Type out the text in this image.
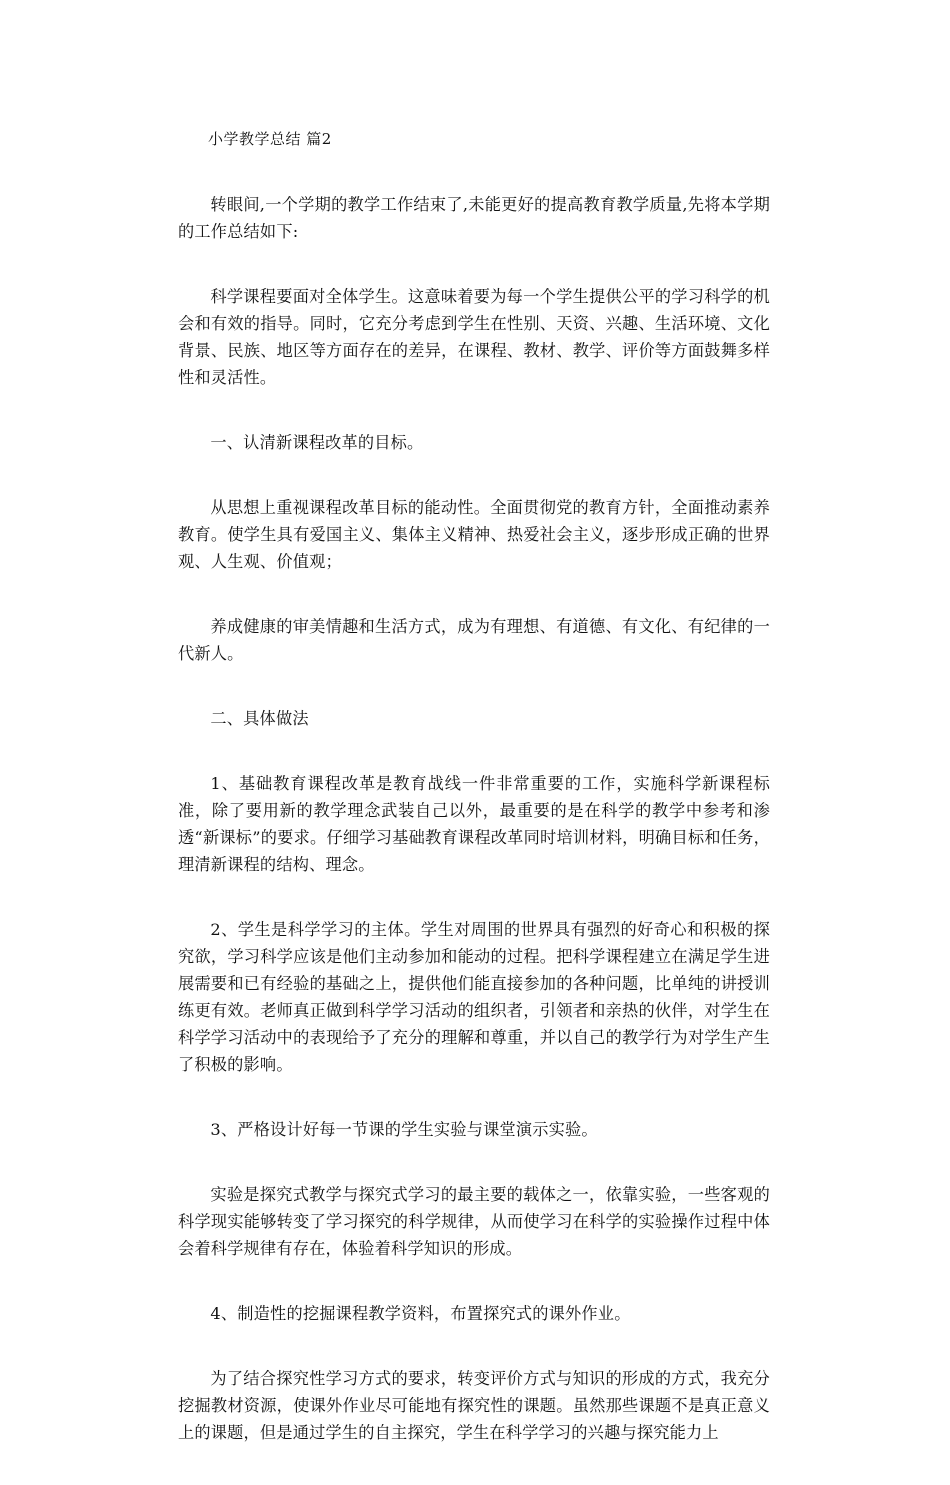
小学教学总结 篇2

转眼间,一个学期的教学工作结束了,未能更好的提高教育教学质量,先将本学期的工作总结如下:

科学课程要面对全体学生。这意味着要为每一个学生提供公平的学习科学的机会和有效的指导。同时，它充分考虑到学生在性别、天资、兴趣、生活环境、文化背景、民族、地区等方面存在的差异，在课程、教材、教学、评价等方面鼓舞多样性和灵活性。

一、认清新课程改革的目标。

从思想上重视课程改革目标的能动性。全面贯彻党的教育方针，全面推动素养教育。使学生具有爱国主义、集体主义精神、热爱社会主义，逐步形成正确的世界观、人生观、价值观；

养成健康的审美情趣和生活方式，成为有理想、有道德、有文化、有纪律的一代新人。

二、具体做法

1、基础教育课程改革是教育战线一件非常重要的工作，实施科学新课程标准，除了要用新的教学理念武装自己以外，最重要的是在科学的教学中参考和渗透“新课标”的要求。仔细学习基础教育课程改革同时培训材料，明确目标和任务，理清新课程的结构、理念。

2、学生是科学学习的主体。学生对周围的世界具有强烈的好奇心和积极的探究欲，学习科学应该是他们主动参加和能动的过程。把科学课程建立在满足学生进展需要和已有经验的基础之上，提供他们能直接参加的各种问题，比单纯的讲授训练更有效。老师真正做到科学学习活动的组织者，引领者和亲热的伙伴，对学生在科学学习活动中的表现给予了充分的理解和尊重，并以自己的教学行为对学生产生了积极的影响。

3、严格设计好每一节课的学生实验与课堂演示实验。

实验是探究式教学与探究式学习的最主要的载体之一，依靠实验，一些客观的科学现实能够转变了学习探究的科学规律，从而使学习在科学的实验操作过程中体会着科学规律有存在，体验着科学知识的形成。

4、制造性的挖掘课程教学资料，布置探究式的课外作业。

为了结合探究性学习方式的要求，转变评价方式与知识的形成的方式，我充分挖掘教材资源，使课外作业尽可能地有探究性的课题。虽然那些课题不是真正意义上的课题，但是通过学生的自主探究，学生在科学学习的兴趣与探究能力上
